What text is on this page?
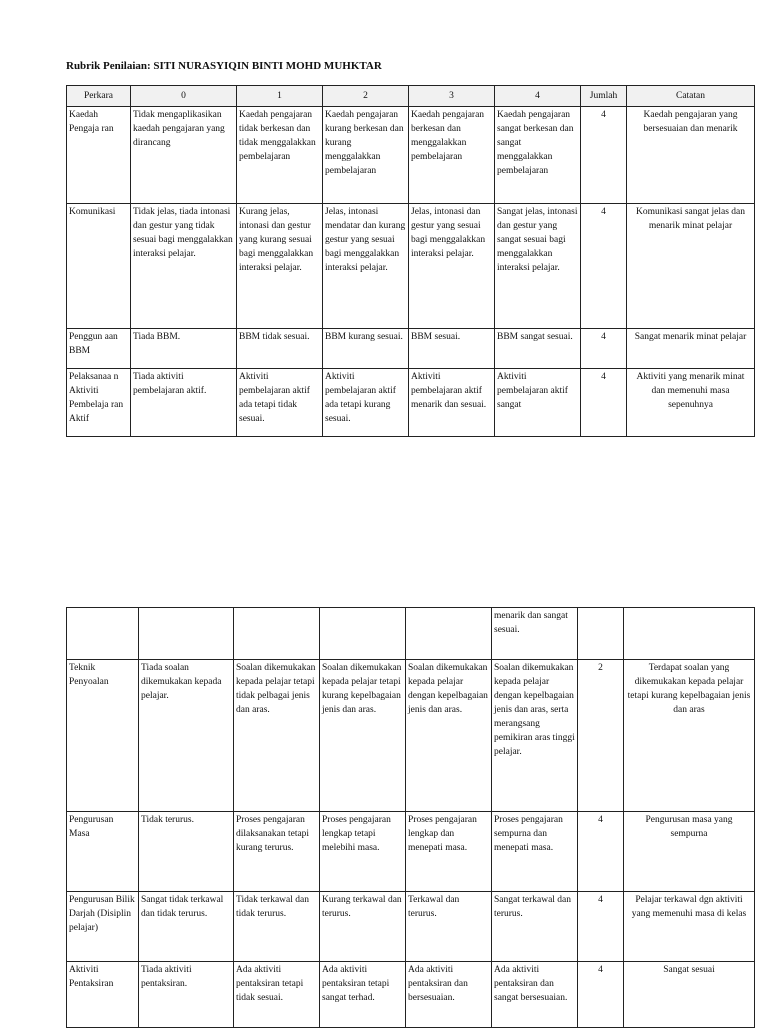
Rubrik Penilaian: SITI NURASYIQIN BINTI MOHD MUHKTAR
Perkara	0	1	2	3	4	Jumlah	Catatan
Kaedah Pengaja ran	Tidak mengaplikasikan kaedah pengajaran yang dirancang	Kaedah pengajaran tidak berkesan dan tidak menggalakkan pembelajaran	Kaedah pengajaran kurang berkesan dan kurang menggalakkan pembelajaran	Kaedah pengajaran berkesan dan menggalakkan pembelajaran	Kaedah pengajaran sangat berkesan dan sangat menggalakkan pembelajaran	4	Kaedah pengajaran yang bersesuaian dan menarik
Komunikasi	Tidak jelas, tiada intonasi dan gestur yang tidak sesuai bagi menggalakkan interaksi pelajar.	Kurang jelas, intonasi dan gestur yang kurang sesuai bagi menggalakkan interaksi pelajar.	Jelas, intonasi mendatar dan kurang gestur yang sesuai bagi menggalakkan interaksi pelajar.	Jelas, intonasi dan gestur yang sesuai bagi menggalakkan interaksi pelajar.	Sangat jelas, intonasi dan gestur yang sangat sesuai bagi menggalakkan interaksi pelajar.	4	Komunikasi sangat jelas dan menarik minat pelajar
Penggun aan BBM	Tiada BBM.	BBM tidak sesuai.	BBM kurang sesuai.	BBM sesuai.	BBM sangat sesuai.	4	Sangat menarik minat pelajar
Pelaksanaa n Aktiviti Pembelaja ran Aktif	Tiada aktiviti pembelajaran aktif.	Aktiviti pembelajaran aktif ada tetapi tidak sesuai.	Aktiviti pembelajaran aktif ada tetapi kurang sesuai.	Aktiviti pembelajaran aktif menarik dan sesuai.	Aktiviti pembelajaran aktif sangat	4	Aktiviti yang menarik minat dan memenuhi masa sepenuhnya
					menarik dan sangat sesuai.		
Teknik Penyoalan	Tiada soalan dikemukakan kepada pelajar.	Soalan dikemukakan kepada pelajar tetapi tidak pelbagai jenis dan aras.	Soalan dikemukakan kepada pelajar tetapi kurang kepelbagaian jenis dan aras.	Soalan dikemukakan kepada pelajar dengan kepelbagaian jenis dan aras.	Soalan dikemukakan kepada pelajar dengan kepelbagaian jenis dan aras, serta merangsang pemikiran aras tinggi pelajar.	2	Terdapat soalan yang dikemukakan kepada pelajar tetapi kurang kepelbagaian jenis dan aras
Pengurusan Masa	Tidak terurus.	Proses pengajaran dilaksanakan tetapi kurang terurus.	Proses pengajaran lengkap tetapi melebihi masa.	Proses pengajaran lengkap dan menepati masa.	Proses pengajaran sempurna dan menepati masa.	4	Pengurusan masa yang sempurna
Pengurusan Bilik Darjah (Disiplin pelajar)	Sangat tidak terkawal dan tidak terurus.	Tidak terkawal dan tidak terurus.	Kurang terkawal dan terurus.	Terkawal dan terurus.	Sangat terkawal dan terurus.	4	Pelajar terkawal dgn aktiviti yang memenuhi masa di kelas
Aktiviti Pentaksiran	Tiada aktiviti pentaksiran.	Ada aktiviti pentaksiran tetapi tidak sesuai.	Ada aktiviti pentaksiran tetapi sangat terhad.	Ada aktiviti pentaksiran dan bersesuaian.	Ada aktiviti pentaksiran dan sangat bersesuaian.	4	Sangat sesuai
